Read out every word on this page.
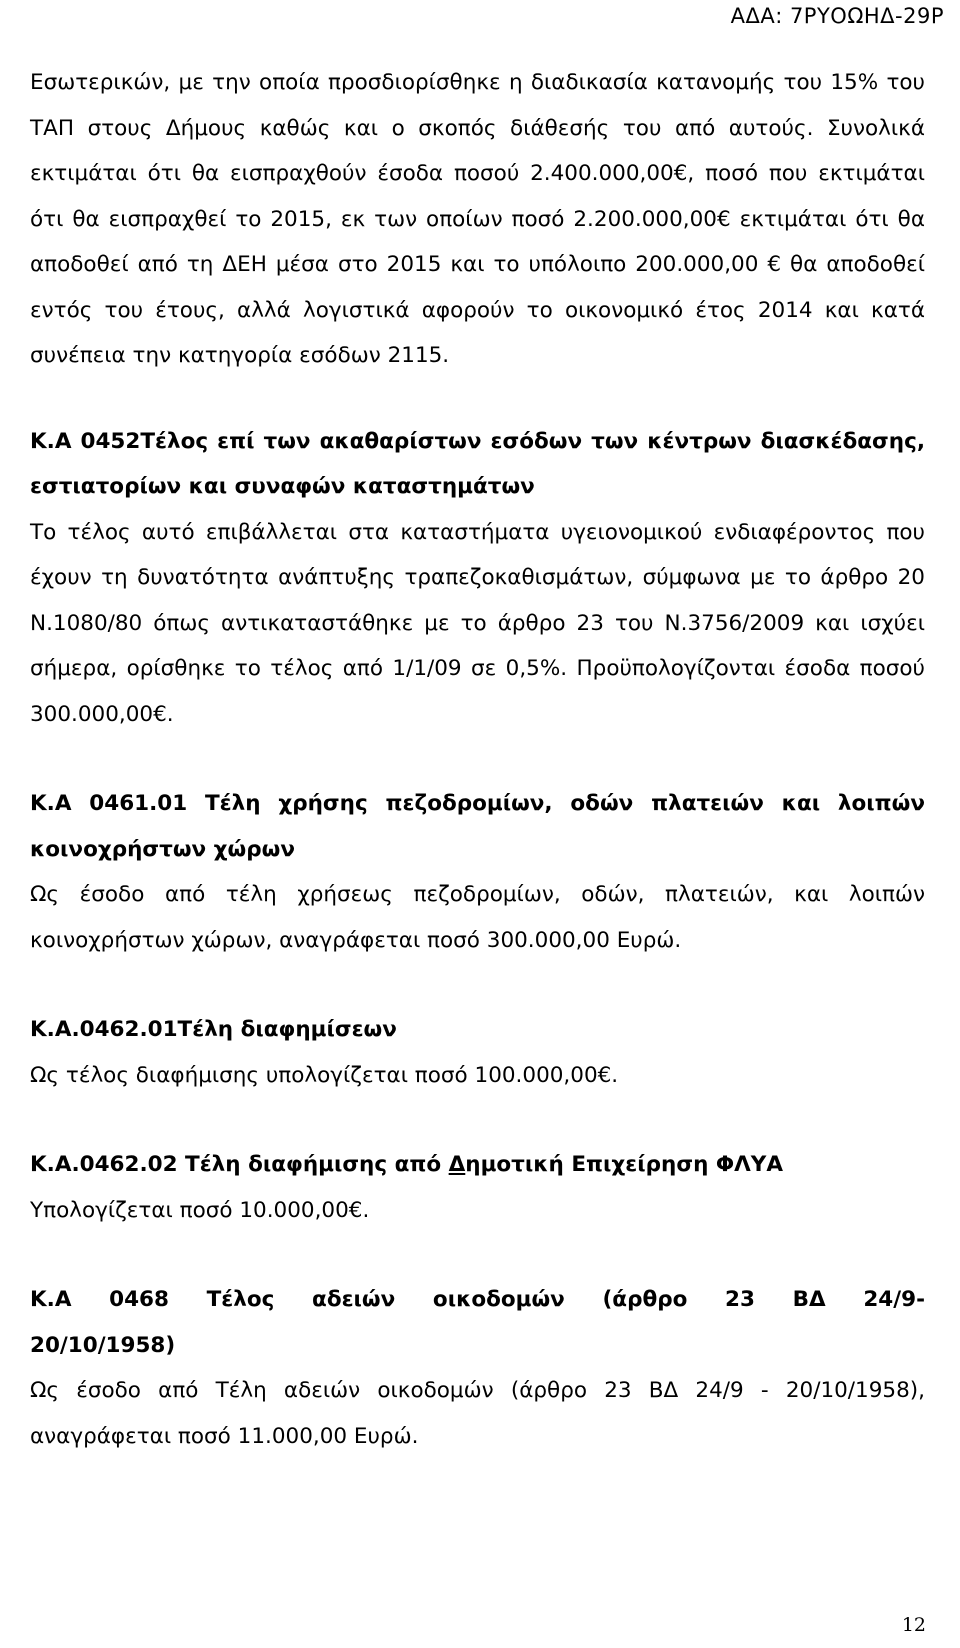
ΑΔΑ: 7ΡΥΟΩΗΔ-29Ρ

Εσωτερικών, με την οποία προσδιορίσθηκε η διαδικασία κατανομής του 15% του ΤΑΠ στους Δήμους καθώς και ο σκοπός διάθεσής του από αυτούς. Συνολικά εκτιμάται ότι θα εισπραχθούν έσοδα ποσού 2.400.000,00€, ποσό που εκτιμάται ότι θα εισπραχθεί το 2015, εκ των οποίων ποσό 2.200.000,00€ εκτιμάται ότι θα αποδοθεί από τη ΔΕΗ μέσα στο 2015 και το υπόλοιπο 200.000,00 € θα αποδοθεί εντός του έτους, αλλά λογιστικά αφορούν το οικονομικό έτος 2014 και κατά συνέπεια την κατηγορία εσόδων 2115.

Κ.Α 0452Τέλος επί των ακαθαρίστων εσόδων των κέντρων διασκέδασης, εστιατορίων και συναφών καταστημάτων

Το τέλος αυτό επιβάλλεται στα καταστήματα υγειονομικού ενδιαφέροντος που έχουν τη δυνατότητα ανάπτυξης τραπεζοκαθισμάτων, σύμφωνα με το άρθρο 20 Ν.1080/80 όπως αντικαταστάθηκε με το άρθρο 23 του Ν.3756/2009 και ισχύει σήμερα, ορίσθηκε το τέλος από 1/1/09 σε 0,5%. Προϋπολογίζονται έσοδα ποσού 300.000,00€.

Κ.Α 0461.01 Τέλη χρήσης πεζοδρομίων, οδών πλατειών και λοιπών κοινοχρήστων χώρων

Ως έσοδο από τέλη χρήσεως πεζοδρομίων, οδών, πλατειών, και λοιπών κοινοχρήστων χώρων, αναγράφεται ποσό 300.000,00 Ευρώ.

Κ.Α.0462.01Τέλη διαφημίσεων

Ως τέλος διαφήμισης υπολογίζεται ποσό 100.000,00€.

Κ.Α.0462.02 Τέλη διαφήμισης από Δημοτική Επιχείρηση ΦΛΥΑ

Υπολογίζεται ποσό 10.000,00€.

Κ.Α 0468 Τέλος αδειών οικοδομών (άρθρο 23 ΒΔ 24/9-
20/10/1958)

Ως έσοδο από Τέλη αδειών οικοδομών (άρθρο 23 ΒΔ 24/9 - 20/10/1958), αναγράφεται ποσό 11.000,00 Ευρώ.

12
